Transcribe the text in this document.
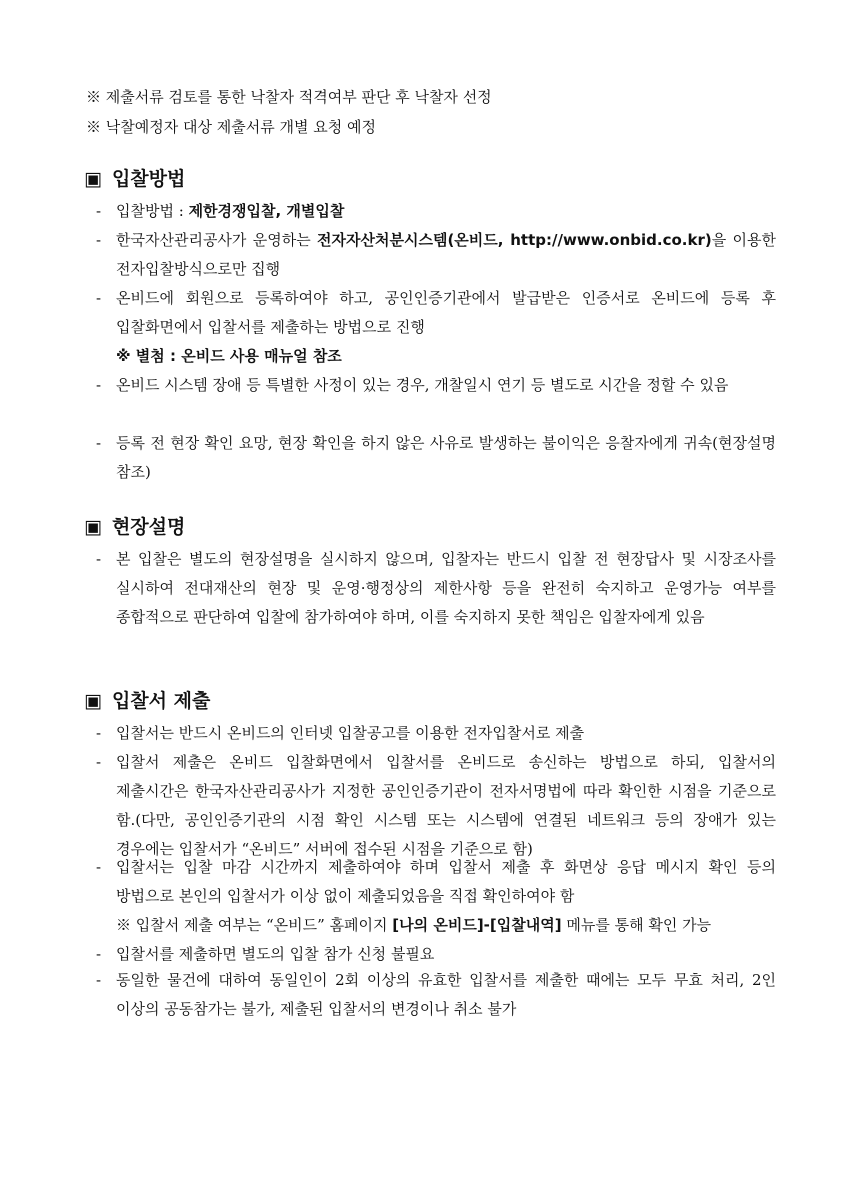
※ 제출서류 검토를 통한 낙찰자 적격여부 판단 후 낙찰자 선정
※ 낙찰예정자 대상 제출서류 개별 요청 예정
▣ 입찰방법
- 입찰방법 : 제한경쟁입찰, 개별입찰
- 한국자산관리공사가 운영하는 전자자산처분시스템(온비드, http://www.onbid.co.kr)을 이용한 전자입찰방식으로만 집행
- 온비드에 회원으로 등록하여야 하고, 공인인증기관에서 발급받은 인증서로 온비드에 등록 후 입찰화면에서 입찰서를 제출하는 방법으로 진행
※ 별첨 : 온비드 사용 매뉴얼 참조
- 온비드 시스템 장애 등 특별한 사정이 있는 경우, 개찰일시 연기 등 별도로 시간을 정할 수 있음
- 등록 전 현장 확인 요망, 현장 확인을 하지 않은 사유로 발생하는 불이익은 응찰자에게 귀속(현장설명 참조)
▣ 현장설명
- 본 입찰은 별도의 현장설명을 실시하지 않으며, 입찰자는 반드시 입찰 전 현장답사 및 시장조사를 실시하여 전대재산의 현장 및 운영·행정상의 제한사항 등을 완전히 숙지하고 운영가능 여부를 종합적으로 판단하여 입찰에 참가하여야 하며, 이를 숙지하지 못한 책임은 입찰자에게 있음
▣ 입찰서 제출
- 입찰서는 반드시 온비드의 인터넷 입찰공고를 이용한 전자입찰서로 제출
- 입찰서 제출은 온비드 입찰화면에서 입찰서를 온비드로 송신하는 방법으로 하되, 입찰서의 제출시간은 한국자산관리공사가 지정한 공인인증기관이 전자서명법에 따라 확인한 시점을 기준으로 함.(다만, 공인인증기관의 시점 확인 시스템 또는 시스템에 연결된 네트워크 등의 장애가 있는 경우에는 입찰서가 “온비드” 서버에 접수된 시점을 기준으로 함)
- 입찰서는 입찰 마감 시간까지 제출하여야 하며 입찰서 제출 후 화면상 응답 메시지 확인 등의 방법으로 본인의 입찰서가 이상 없이 제출되었음을 직접 확인하여야 함
※ 입찰서 제출 여부는 “온비드” 홈페이지 [나의 온비드]-[입찰내역] 메뉴를 통해 확인 가능
- 입찰서를 제출하면 별도의 입찰 참가 신청 불필요
- 동일한 물건에 대하여 동일인이 2회 이상의 유효한 입찰서를 제출한 때에는 모두 무효 처리, 2인 이상의 공동참가는 불가, 제출된 입찰서의 변경이나 취소 불가
